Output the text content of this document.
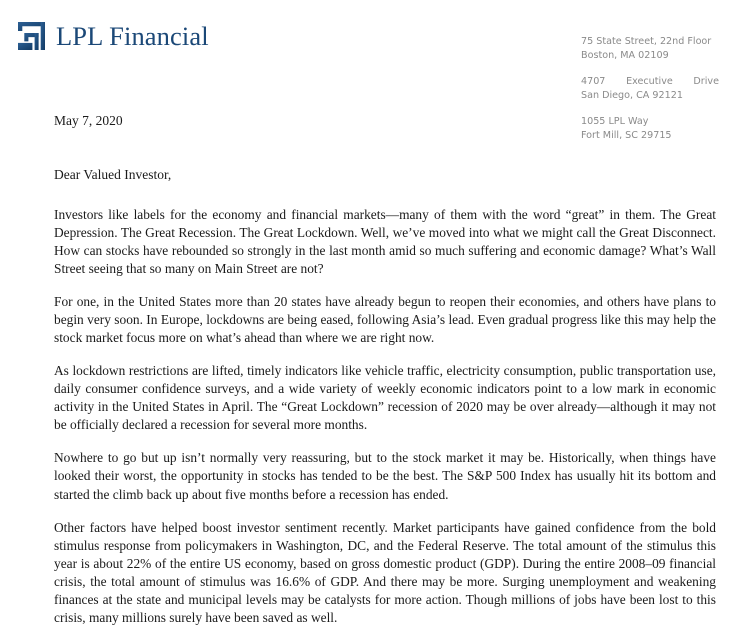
LPL Financial	75 State Street, 22nd Floor
Boston, MA 02109
4707 Executive Drive
San Diego, CA 92121
1055 LPL Way
Fort Mill, SC 29715

May 7, 2020

Dear Valued Investor,

Investors like labels for the economy and financial markets—many of them with the word “great” in them. The Great Depression. The Great Recession. The Great Lockdown. Well, we’ve moved into what we might call the Great Disconnect. How can stocks have rebounded so strongly in the last month amid so much suffering and economic damage? What’s Wall Street seeing that so many on Main Street are not?

For one, in the United States more than 20 states have already begun to reopen their economies, and others have plans to begin very soon. In Europe, lockdowns are being eased, following Asia’s lead. Even gradual progress like this may help the stock market focus more on what’s ahead than where we are right now.

As lockdown restrictions are lifted, timely indicators like vehicle traffic, electricity consumption, public transportation use, daily consumer confidence surveys, and a wide variety of weekly economic indicators point to a low mark in economic activity in the United States in April. The “Great Lockdown” recession of 2020 may be over already—although it may not be officially declared a recession for several more months.

Nowhere to go but up isn’t normally very reassuring, but to the stock market it may be. Historically, when things have looked their worst, the opportunity in stocks has tended to be the best. The S&P 500 Index has usually hit its bottom and started the climb back up about five months before a recession has ended.

Other factors have helped boost investor sentiment recently. Market participants have gained confidence from the bold stimulus response from policymakers in Washington, DC, and the Federal Reserve. The total amount of the stimulus this year is about 22% of the entire US economy, based on gross domestic product (GDP). During the entire 2008–09 financial crisis, the total amount of stimulus was 16.6% of GDP. And there may be more. Surging unemployment and weakening finances at the state and municipal levels may be catalysts for more action. Though millions of jobs have been lost to this crisis, many millions surely have been saved as well.
